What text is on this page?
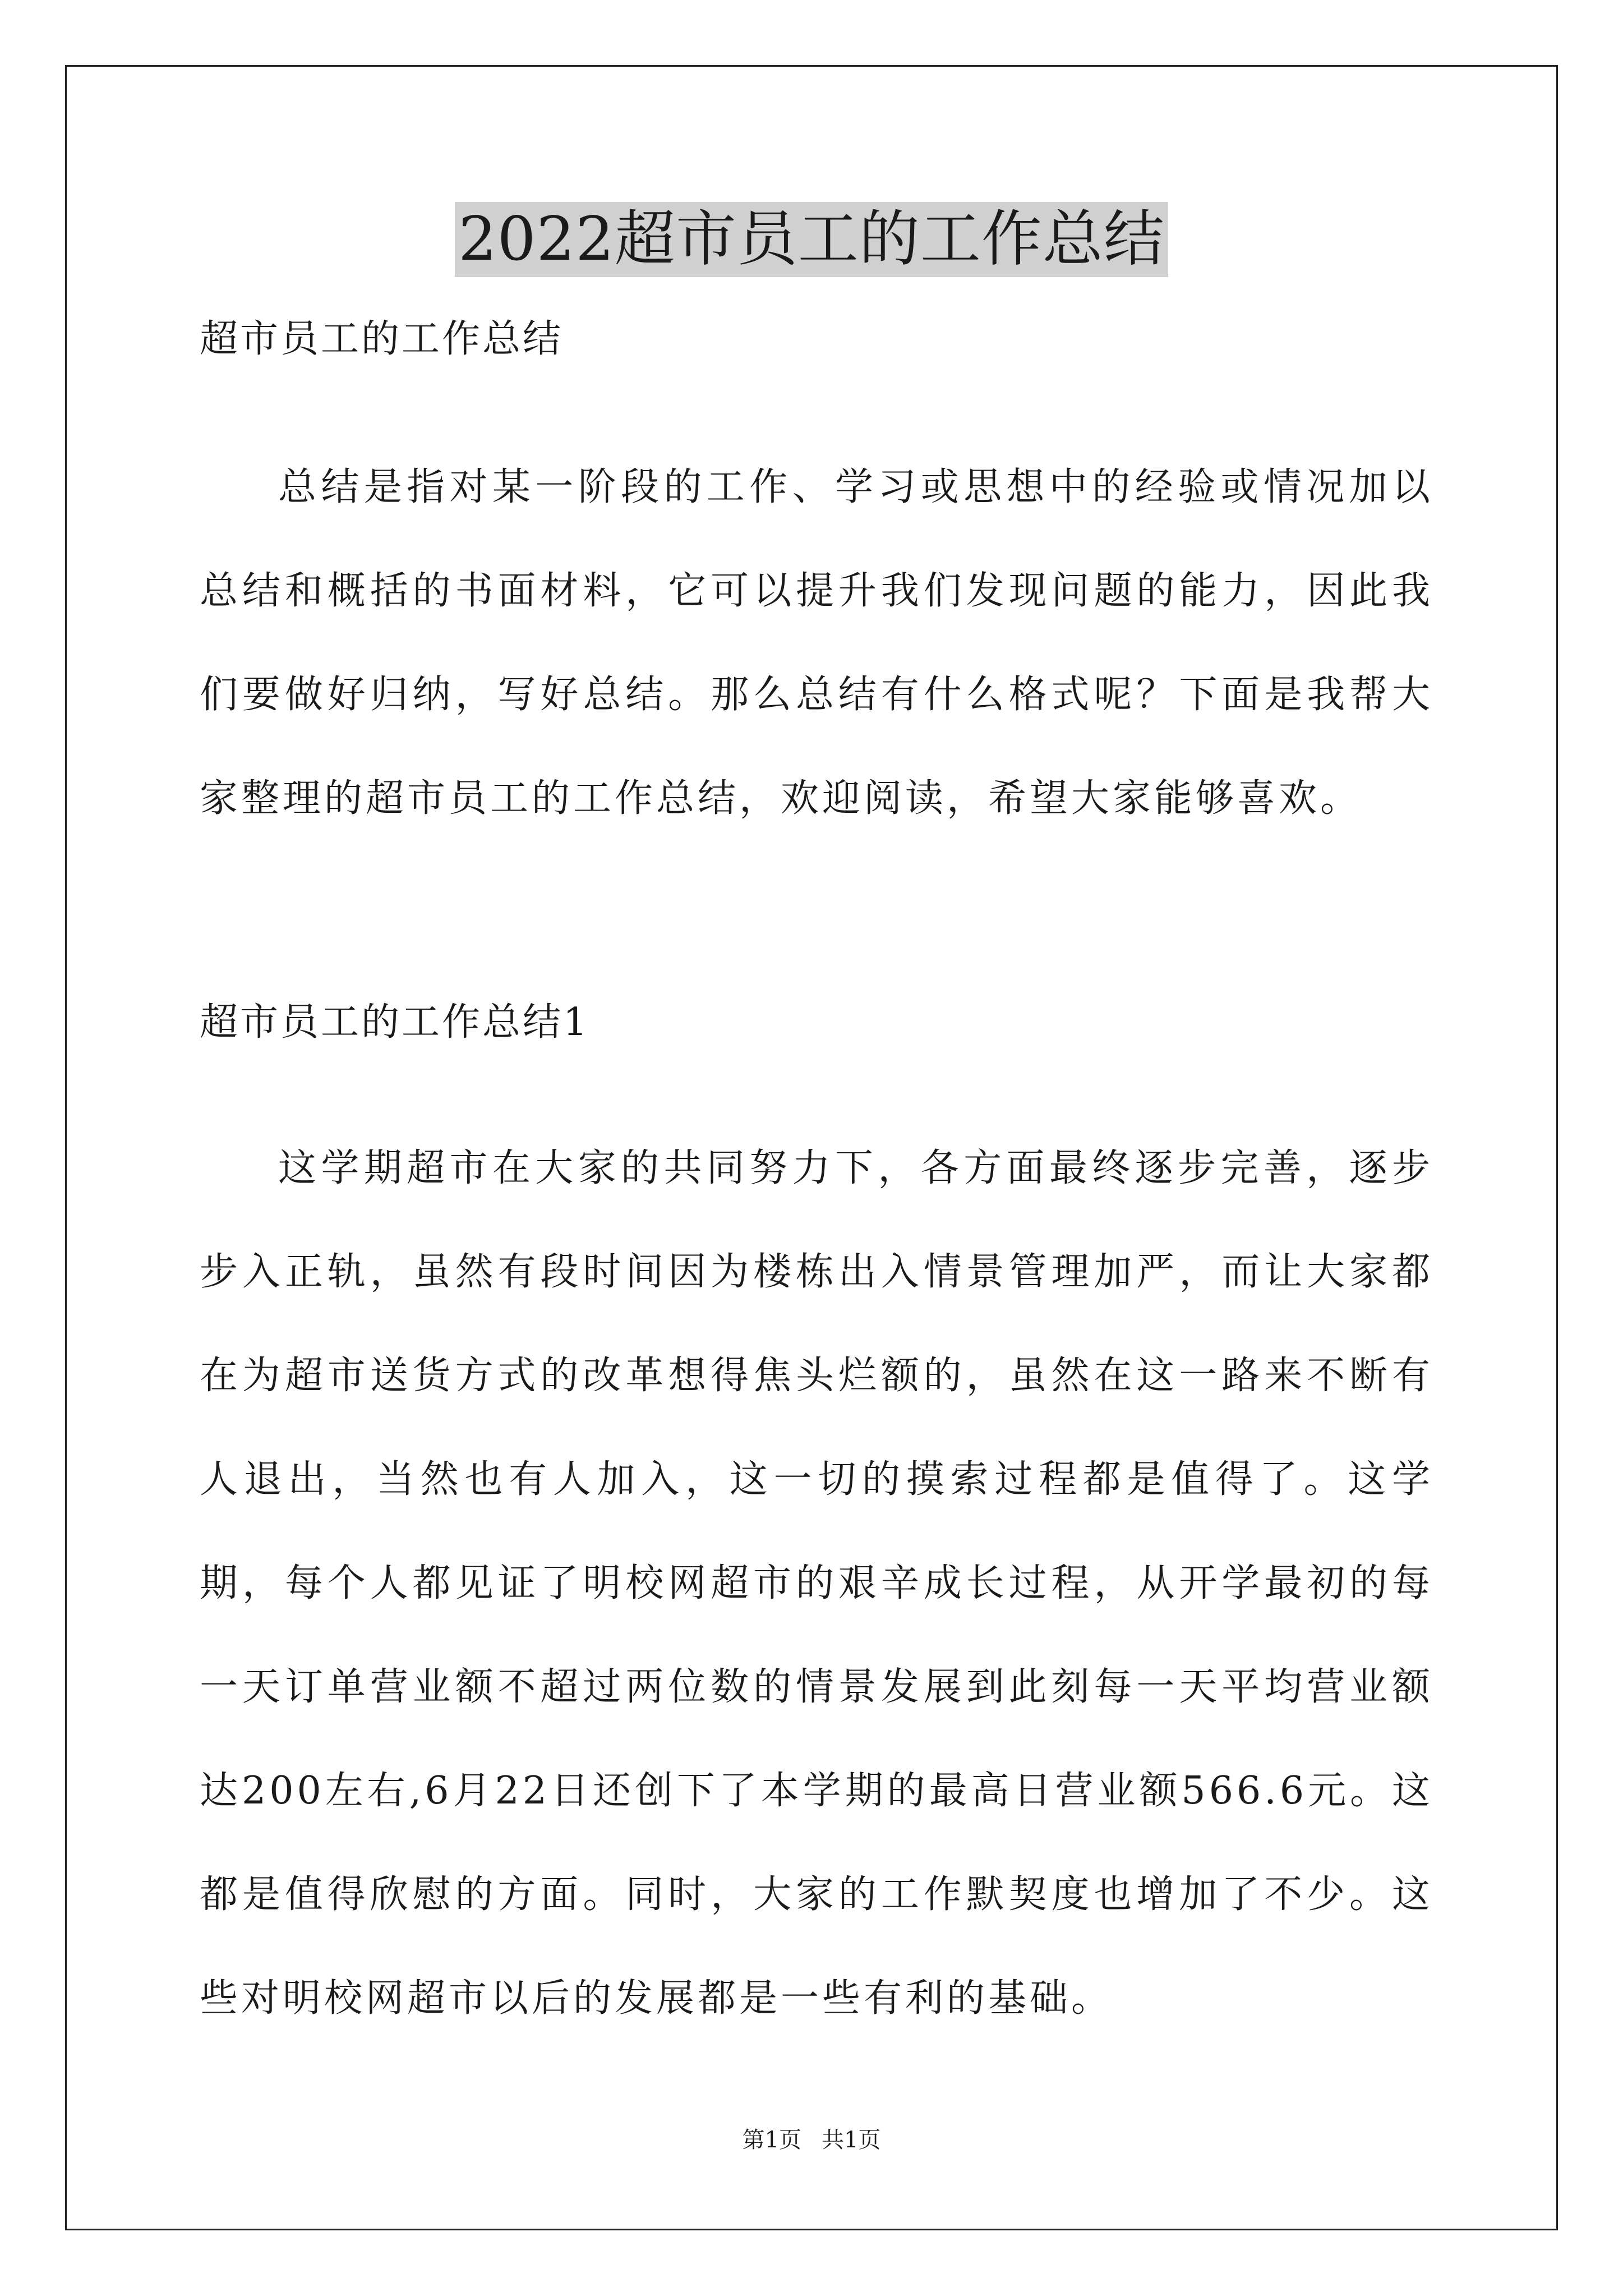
2022超市员工的工作总结

超市员工的工作总结

总结是指对某一阶段的工作、学习或思想中的经验或情况加以总结和概括的书面材料，它可以提升我们发现问题的能力，因此我们要做好归纳，写好总结。那么总结有什么格式呢？下面是我帮大家整理的超市员工的工作总结，欢迎阅读，希望大家能够喜欢。

超市员工的工作总结1

这学期超市在大家的共同努力下，各方面最终逐步完善，逐步步入正轨，虽然有段时间因为楼栋出入情景管理加严，而让大家都在为超市送货方式的改革想得焦头烂额的，虽然在这一路来不断有人退出，当然也有人加入，这一切的摸索过程都是值得了。这学期，每个人都见证了明校网超市的艰辛成长过程，从开学最初的每一天订单营业额不超过两位数的情景发展到此刻每一天平均营业额达200左右,6月22日还创下了本学期的最高日营业额566.6元。这都是值得欣慰的方面。同时，大家的工作默契度也增加了不少。这些对明校网超市以后的发展都是一些有利的基础。

第1页 共1页
